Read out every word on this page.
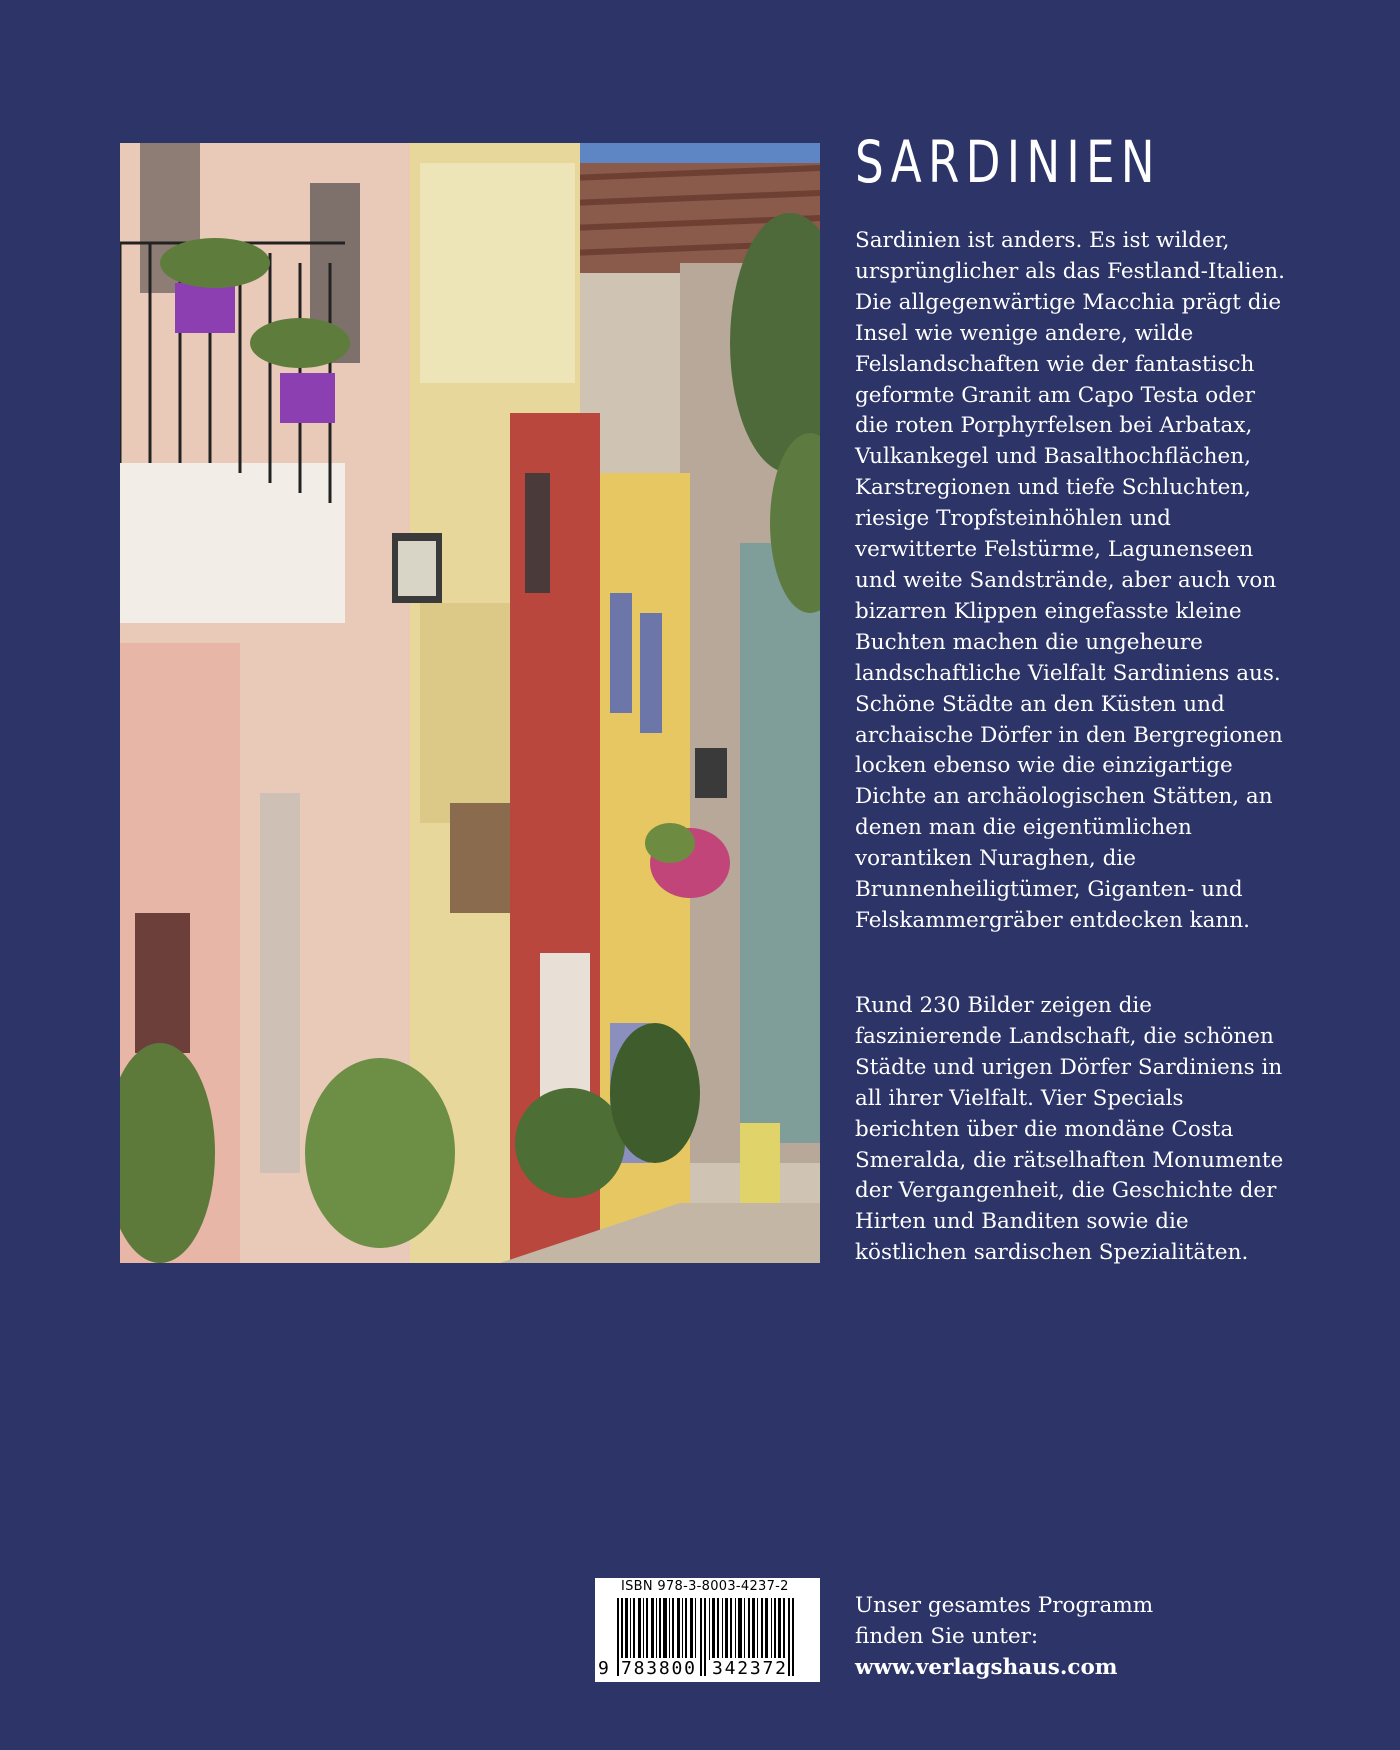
SARDINIEN

Sardinien ist anders. Es ist wilder, ursprünglicher als das Festland-Italien. Die allgegenwärtige Macchia prägt die Insel wie wenige andere, wilde Felslandschaften wie der fantastisch geformte Granit am Capo Testa oder die roten Porphyrfelsen bei Arbatax, Vulkankegel und Basalthochflächen, Karstregionen und tiefe Schluchten, riesige Tropfsteinhöhlen und verwitterte Felstürme, Lagunenseen und weite Sandstrände, aber auch von bizarren Klippen eingefasste kleine Buchten machen die ungeheure landschaftliche Vielfalt Sardiniens aus. Schöne Städte an den Küsten und archaische Dörfer in den Bergregionen locken ebenso wie die einzigartige Dichte an archäologischen Stätten, an denen man die eigentümlichen vorantiken Nuraghen, die Brunnenheiligtümer, Giganten- und Felskammergräber entdecken kann.

Rund 230 Bilder zeigen die faszinierende Landschaft, die schönen Städte und urigen Dörfer Sardiniens in all ihrer Vielfalt. Vier Specials berichten über die mondäne Costa Smeralda, die rätselhaften Monumente der Vergangenheit, die Geschichte der Hirten und Banditen sowie die köstlichen sardischen Spezialitäten.

ISBN 978-3-8003-4237-2
9 783800 342372
Unser gesamtes Programm
finden Sie unter:
www.verlagshaus.com
